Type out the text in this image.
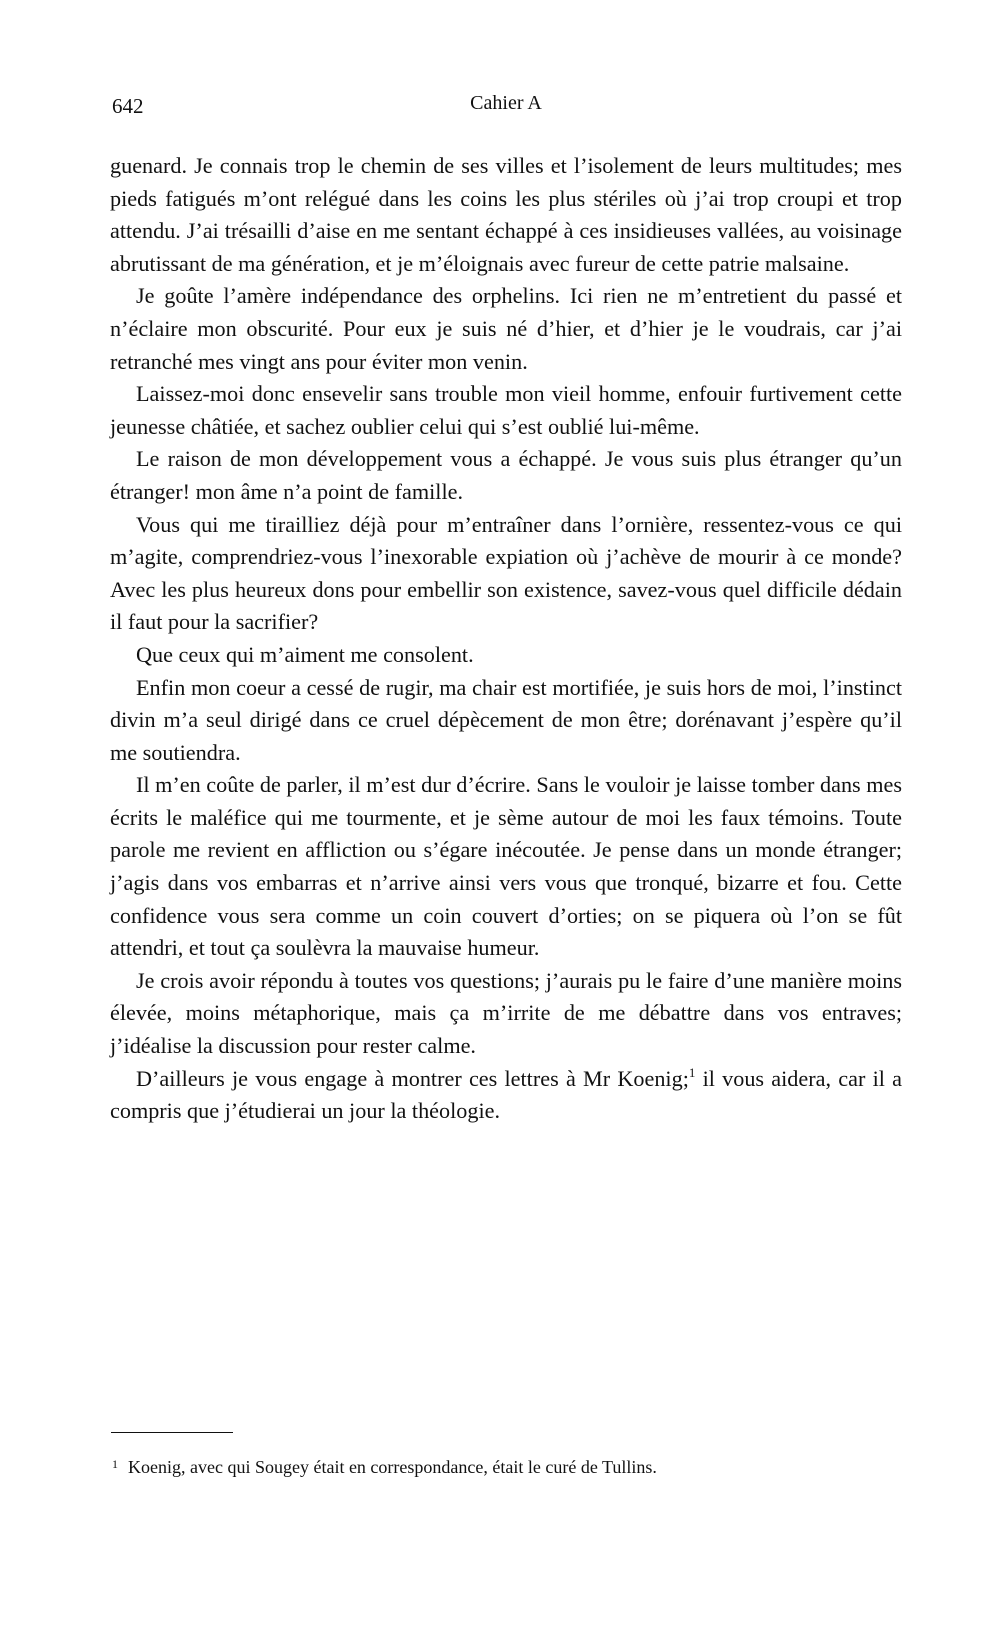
642	Cahier A

guenard. Je connais trop le chemin de ses villes et l’isolement de leurs multitudes; mes pieds fatigués m’ont relégué dans les coins les plus stériles où j’ai trop croupi et trop attendu. J’ai trésailli d’aise en me sentant échappé à ces insidieuses vallées, au voisinage abrutissant de ma génération, et je m’éloignais avec fureur de cette patrie malsaine.

Je goûte l’amère indépendance des orphelins. Ici rien ne m’entretient du passé et n’éclaire mon obscurité. Pour eux je suis né d’hier, et d’hier je le voudrais, car j’ai retranché mes vingt ans pour éviter mon venin.

Laissez-moi donc ensevelir sans trouble mon vieil homme, enfouir furtivement cette jeunesse châtiée, et sachez oublier celui qui s’est oublié lui-même.

Le raison de mon développement vous a échappé. Je vous suis plus étranger qu’un étranger! mon âme n’a point de famille.

Vous qui me tirailliez déjà pour m’entraîner dans l’ornière, ressentez-vous ce qui m’agite, comprendriez-vous l’inexorable expiation où j’achève de mourir à ce monde? Avec les plus heureux dons pour embellir son existence, savez-vous quel difficile dédain il faut pour la sacrifier?

Que ceux qui m’aiment me consolent.

Enfin mon coeur a cessé de rugir, ma chair est mortifiée, je suis hors de moi, l’instinct divin m’a seul dirigé dans ce cruel dépècement de mon être; dorénavant j’espère qu’il me soutiendra.

Il m’en coûte de parler, il m’est dur d’écrire. Sans le vouloir je laisse tomber dans mes écrits le maléfice qui me tourmente, et je sème autour de moi les faux témoins. Toute parole me revient en affliction ou s’égare inécoutée. Je pense dans un monde étranger; j’agis dans vos embarras et n’arrive ainsi vers vous que tronqué, bizarre et fou. Cette confidence vous sera comme un coin couvert d’orties; on se piquera où l’on se fût attendri, et tout ça soulèvra la mauvaise humeur.

Je crois avoir répondu à toutes vos questions; j’aurais pu le faire d’une manière moins élevée, moins métaphorique, mais ça m’irrite de me débattre dans vos entraves; j’idéalise la discussion pour rester calme.

D’ailleurs je vous engage à montrer ces lettres à Mr Koenig;$^1$ il vous aidera, car il a compris que j’étudierai un jour la théologie.

$^1$ Koenig, avec qui Sougey était en correspondance, était le curé de Tullins.
